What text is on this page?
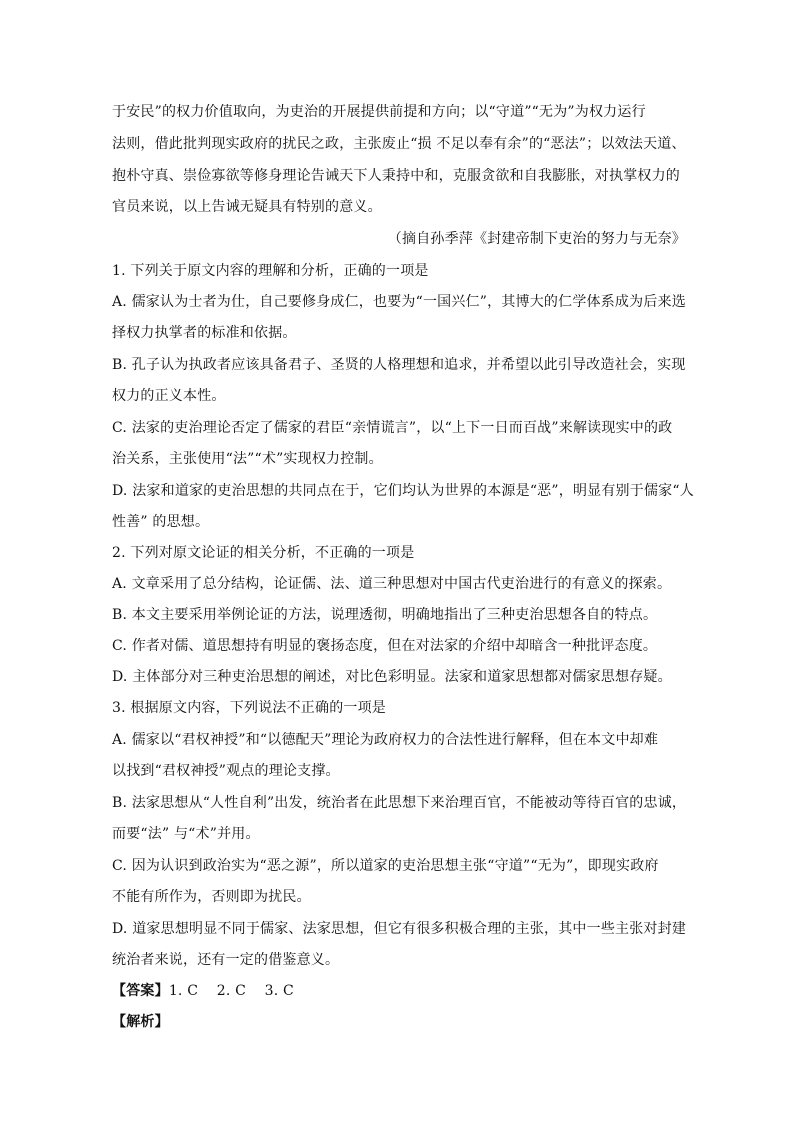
于安民”的权力价值取向，为吏治的开展提供前提和方向；以“守道”“无为”为权力运行
法则，借此批判现实政府的扰民之政，主张废止“损 不足以奉有余”的“恶法”；以效法天道、
抱朴守真、崇俭寡欲等修身理论告诫天下人秉持中和，克服贪欲和自我膨胀，对执掌权力的
官员来说，以上告诫无疑具有特别的意义。
（摘自孙季萍《封建帝制下吏治的努力与无奈》
1. 下列关于原文内容的理解和分析，正确的一项是
A. 儒家认为士者为仕，自己要修身成仁，也要为“一国兴仁”，其博大的仁学体系成为后来选
择权力执掌者的标准和依据。
B. 孔子认为执政者应该具备君子、圣贤的人格理想和追求，并希望以此引导改造社会，实现
权力的正义本性。
C. 法家的吏治理论否定了儒家的君臣“亲情谎言”，以“上下一日而百战”来解读现实中的政
治关系，主张使用“法”“术”实现权力控制。
D. 法家和道家的吏治思想的共同点在于，它们均认为世界的本源是“恶”，明显有别于儒家“人
性善” 的思想。
2. 下列对原文论证的相关分析，不正确的一项是
A. 文章采用了总分结构，论证儒、法、道三种思想对中国古代吏治进行的有意义的探索。
B. 本文主要采用举例论证的方法，说理透彻，明确地指出了三种吏治思想各自的特点。
C. 作者对儒、道思想持有明显的褒扬态度，但在对法家的介绍中却暗含一种批评态度。
D. 主体部分对三种吏治思想的阐述，对比色彩明显。法家和道家思想都对儒家思想存疑。
3. 根据原文内容，下列说法不正确的一项是
A. 儒家以“君权神授”和“以德配天”理论为政府权力的合法性进行解释，但在本文中却难
以找到“君权神授”观点的理论支撑。
B. 法家思想从“人性自利”出发，统治者在此思想下来治理百官，不能被动等待百官的忠诚，
而要“法” 与“术”并用。
C. 因为认识到政治实为“恶之源”，所以道家的吏治思想主张“守道”“无为”，即现实政府
不能有所作为，否则即为扰民。
D. 道家思想明显不同于儒家、法家思想，但它有很多积极合理的主张，其中一些主张对封建
统治者来说，还有一定的借鉴意义。
【答案】1. C    2. C    3. C
【解析】
